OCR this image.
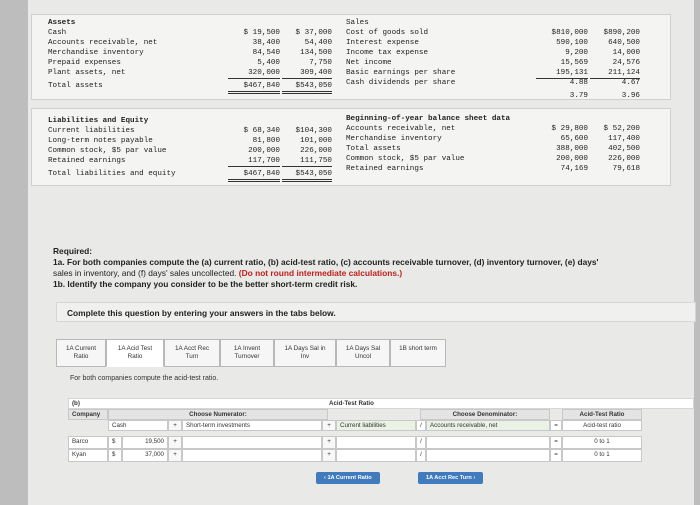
Assets
Cash	$ 19,500	$ 37,000
Accounts receivable, net	38,400	54,400
Merchandise inventory	84,540	134,500
Prepaid expenses	5,400	7,750
Plant assets, net	320,000	309,400
Total assets	$467,840	$543,050
Sales
Cost of goods sold	$810,000	$890,200
Interest expense	590,100	640,500
Income tax expense	9,200	14,000
Net income	15,569	24,576
Basic earnings per share	195,131	211,124
Cash dividends per share	4.88	4.67
3.79	3.96
Liabilities and Equity
Current liabilities	$ 68,340	$104,300
Long-term notes payable	81,800	101,000
Common stock, $5 par value	200,000	226,000
Retained earnings	117,700	111,750
Total liabilities and equity	$467,840	$543,050
Beginning-of-year balance sheet data
Accounts receivable, net	$ 29,800	$ 52,200
Merchandise inventory	65,600	117,400
Total assets	388,000	402,500
Common stock, $5 par value	200,000	226,000
Retained earnings	74,169	79,618
Required:
1a. For both companies compute the (a) current ratio, (b) acid-test ratio, (c) accounts receivable turnover, (d) inventory turnover, (e) days'
sales in inventory, and (f) days' sales uncollected. (Do not round intermediate calculations.)
1b. Identify the company you consider to be the better short-term credit risk.
Complete this question by entering your answers in the tabs below.
1A Current
Ratio
1A Acid Test
Ratio
1A Acct Rec
Turn
1A Invent
Turnover
1A Days Sal in
Inv
1A Days Sal
Uncol
1B short term
For both companies compute the acid-test ratio.
(b)	Acid-Test Ratio
Company	Choose Numerator:	Choose Denominator:	Acid-Test Ratio
Cash	+	Short-term investments	+	Current liabilities	/	Accounts receivable, net	=	Acid-test ratio
Barco	$	19,500	+	+	/	=	0 to 1
Kyan	$	37,000	+	+	/	=	0 to 1
‹ 1A Current Ratio	1A Acct Rec Turn ›
